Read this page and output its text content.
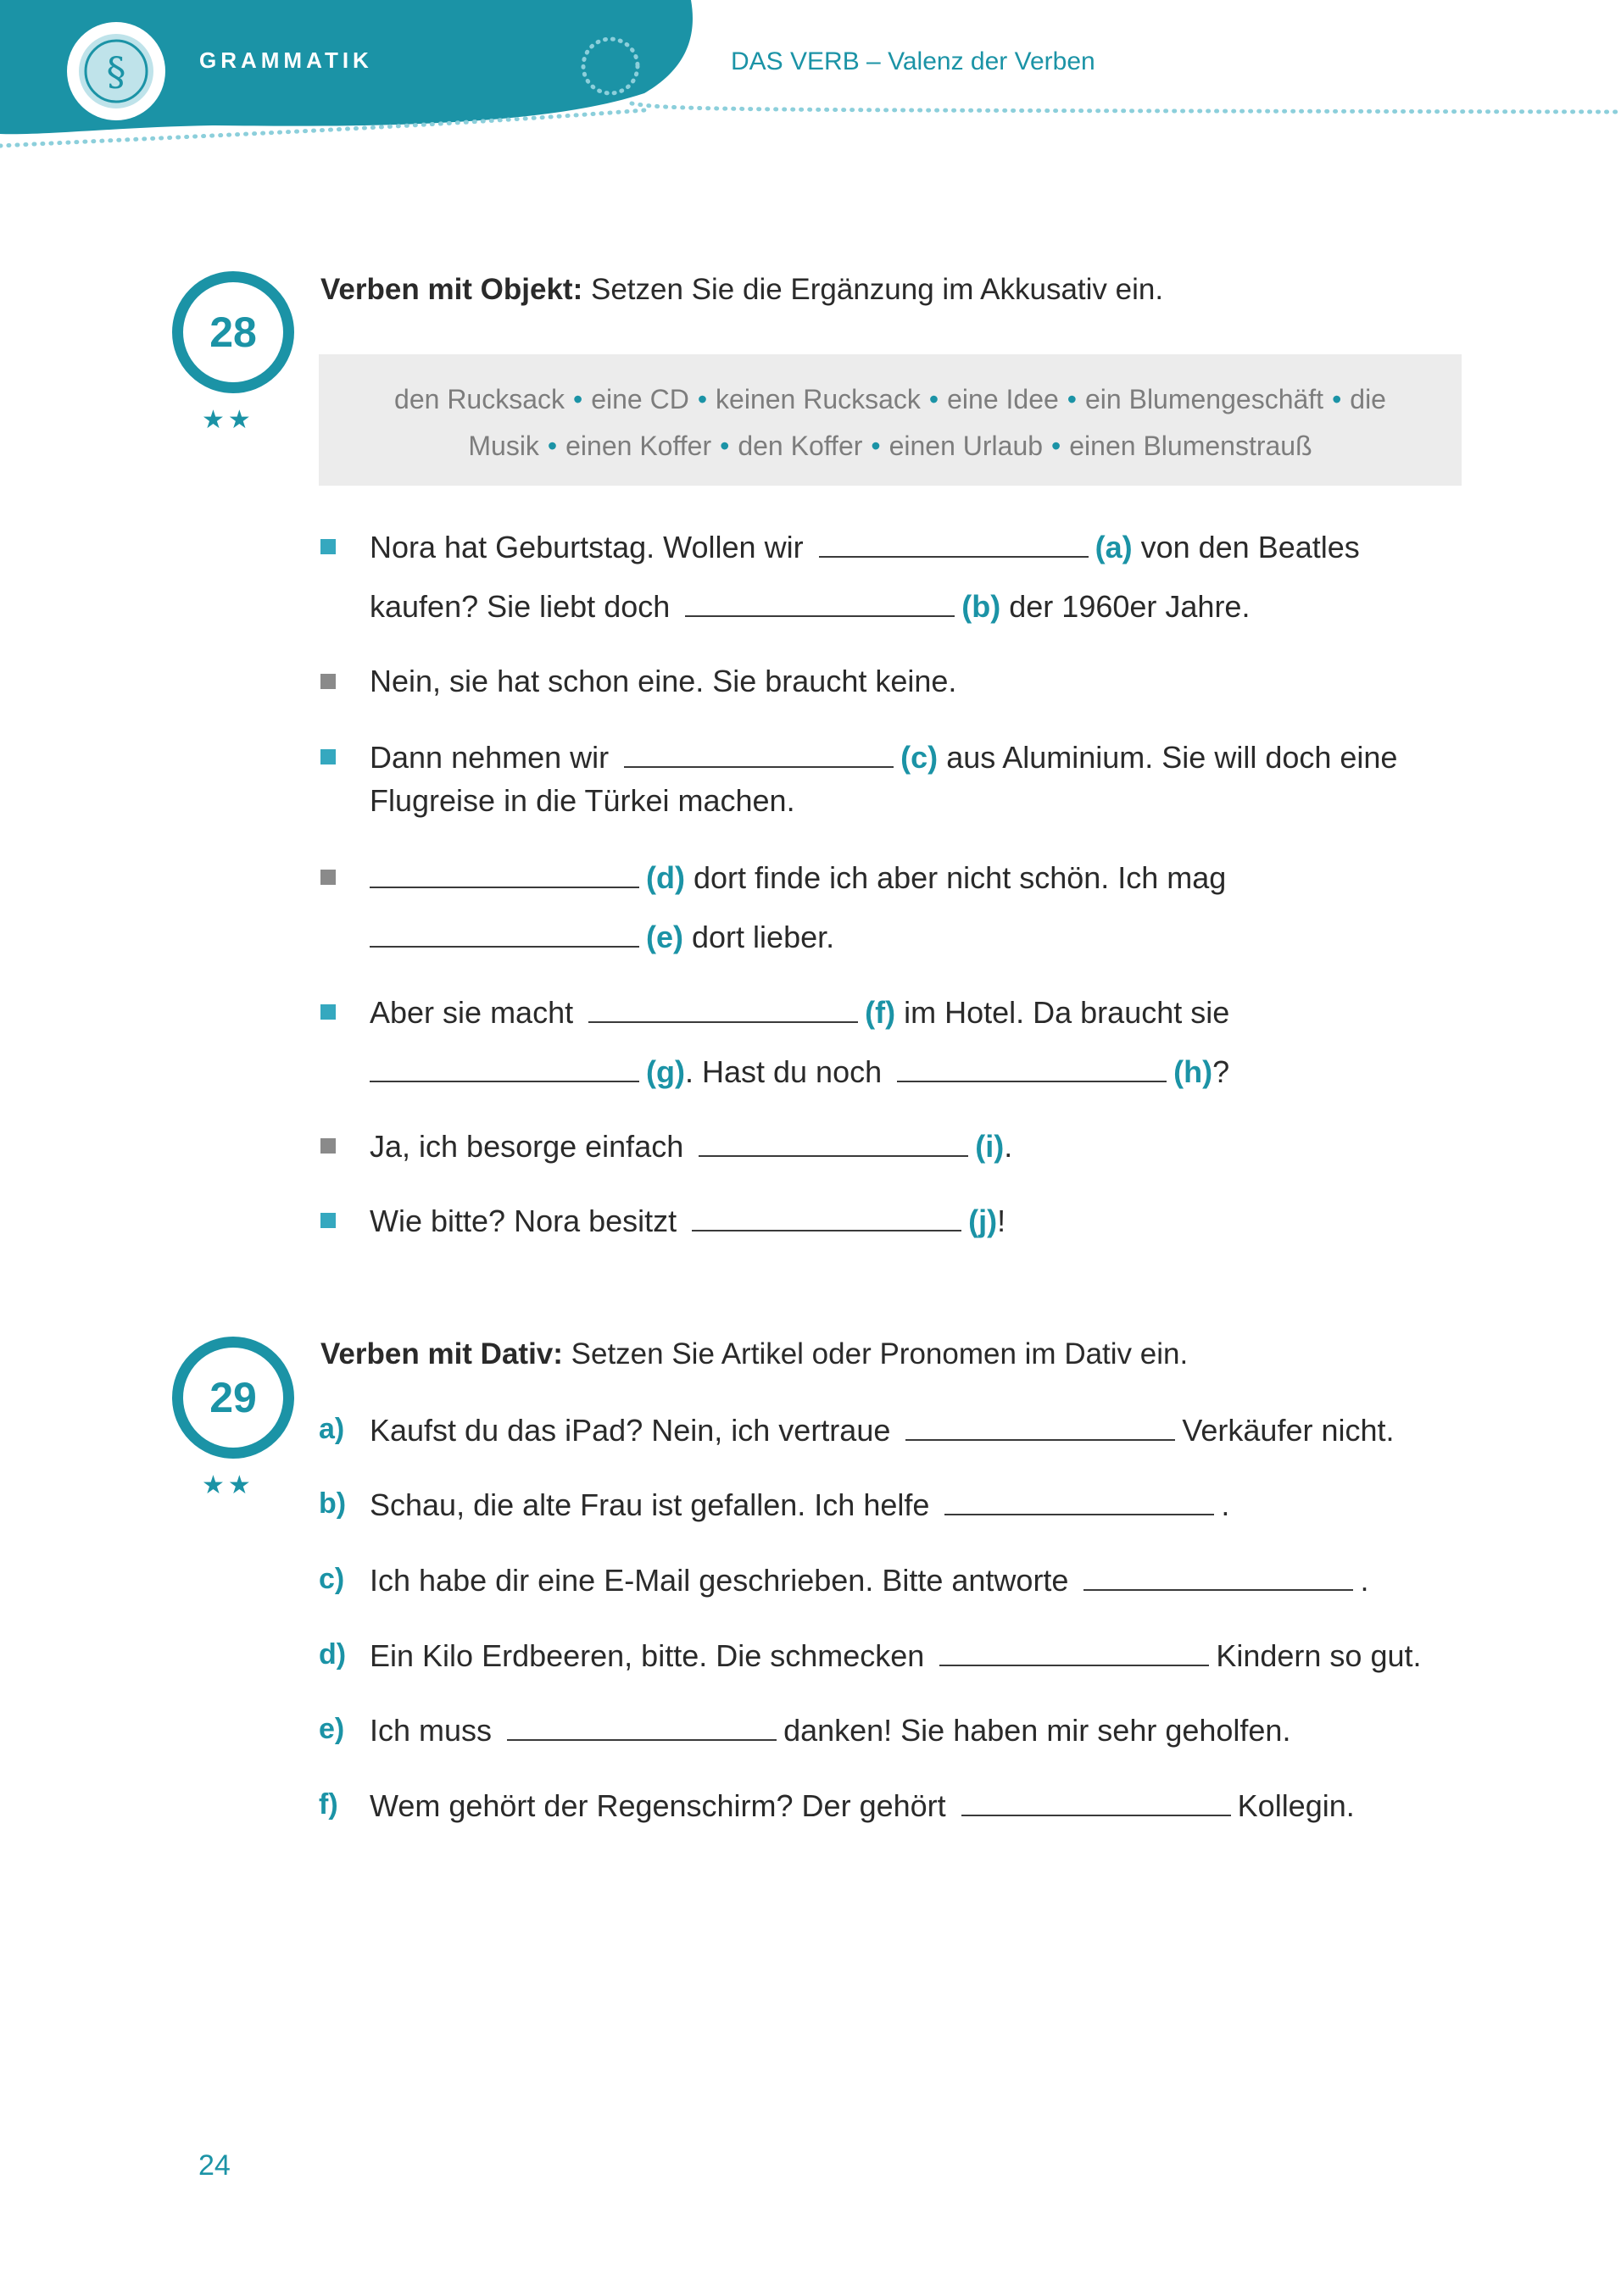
§	GRAMMATIK	DAS VERB – Valenz der Verben
28
★★
Verben mit Objekt: Setzen Sie die Ergänzung im Akkusativ ein.
den Rucksack • eine CD • keinen Rucksack • eine Idee • ein Blumengeschäft • die
Musik • einen Koffer • den Koffer • einen Urlaub • einen Blumenstrauß
Nora hat Geburtstag. Wollen wir	(a) von den Beatles
kaufen? Sie liebt doch	(b) der 1960er Jahre.
Nein, sie hat schon eine. Sie braucht keine.
Dann nehmen wir	(c) aus Aluminium. Sie will doch eine
Flugreise in die Türkei machen.
(d) dort finde ich aber nicht schön. Ich mag
(e) dort lieber.
Aber sie macht	(f) im Hotel. Da braucht sie
(g). Hast du noch	(h)?
Ja, ich besorge einfach	(i).
Wie bitte? Nora besitzt	(j)!
29
★★
Verben mit Dativ: Setzen Sie Artikel oder Pronomen im Dativ ein.
a) Kaufst du das iPad? Nein, ich vertraue	Verkäufer nicht.
b) Schau, die alte Frau ist gefallen. Ich helfe	.
c) Ich habe dir eine E-Mail geschrieben. Bitte antworte	.
d) Ein Kilo Erdbeeren, bitte. Die schmecken	Kindern so gut.
e) Ich muss	danken! Sie haben mir sehr geholfen.
f) Wem gehört der Regenschirm? Der gehört	Kollegin.
24
